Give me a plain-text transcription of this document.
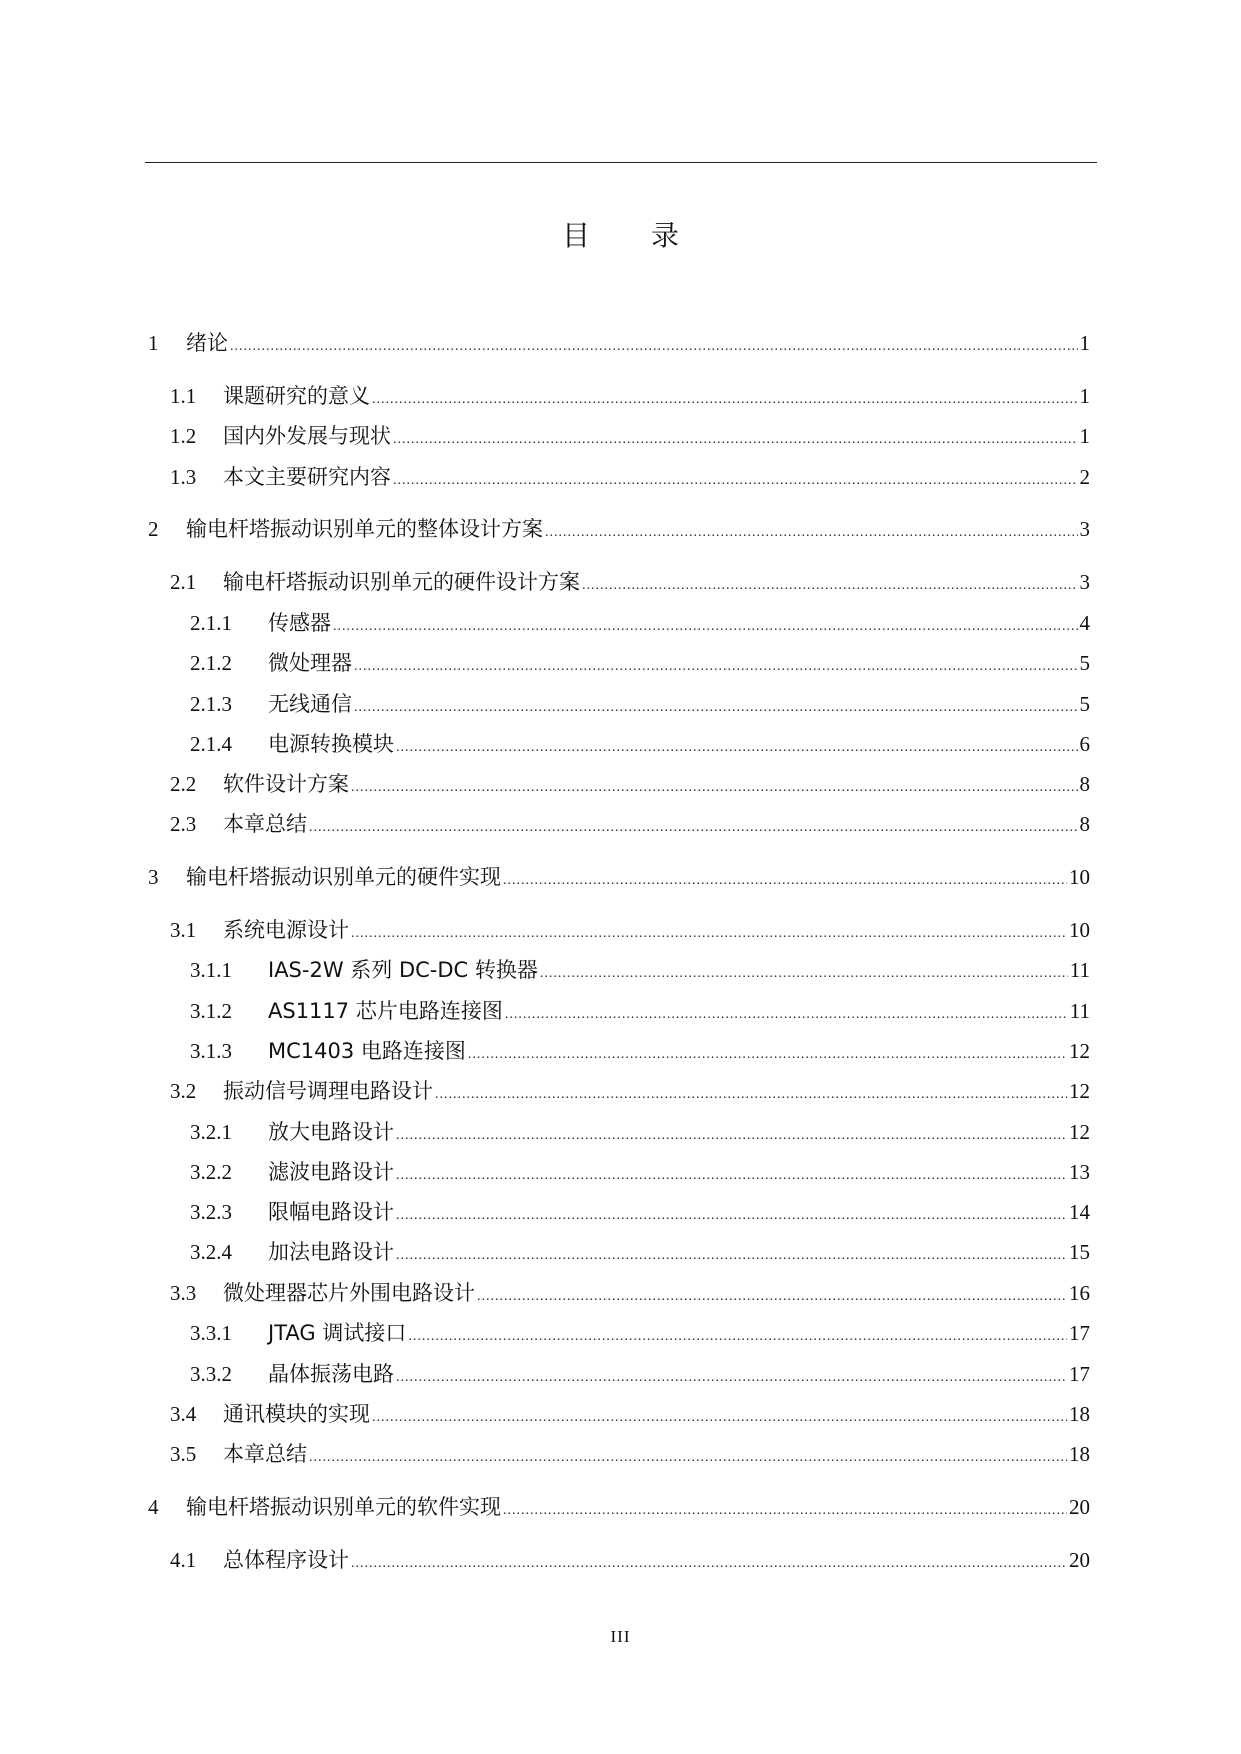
目 录
1	绪论 .....	1
1.1	课题研究的意义 .....	1
1.2	国内外发展与现状 .....	1
1.3	本文主要研究内容 .....	2
2	输电杆塔振动识别单元的整体设计方案 .....	3
2.1	输电杆塔振动识别单元的硬件设计方案 .....	3
2.1.1	传感器 .....	4
2.1.2	微处理器 .....	5
2.1.3	无线通信 .....	5
2.1.4	电源转换模块 .....	6
2.2	软件设计方案 .....	8
2.3	本章总结 .....	8
3	输电杆塔振动识别单元的硬件实现 .....	10
3.1	系统电源设计 .....	10
3.1.1	IAS-2W 系列 DC-DC 转换器 .....	11
3.1.2	AS1117 芯片电路连接图 .....	11
3.1.3	MC1403 电路连接图 .....	12
3.2	振动信号调理电路设计 .....	12
3.2.1	放大电路设计 .....	12
3.2.2	滤波电路设计 .....	13
3.2.3	限幅电路设计 .....	14
3.2.4	加法电路设计 .....	15
3.3	微处理器芯片外围电路设计 .....	16
3.3.1	JTAG 调试接口 .....	17
3.3.2	晶体振荡电路 .....	17
3.4	通讯模块的实现 .....	18
3.5	本章总结 .....	18
4	输电杆塔振动识别单元的软件实现 .....	20
4.1	总体程序设计 .....	20
III
